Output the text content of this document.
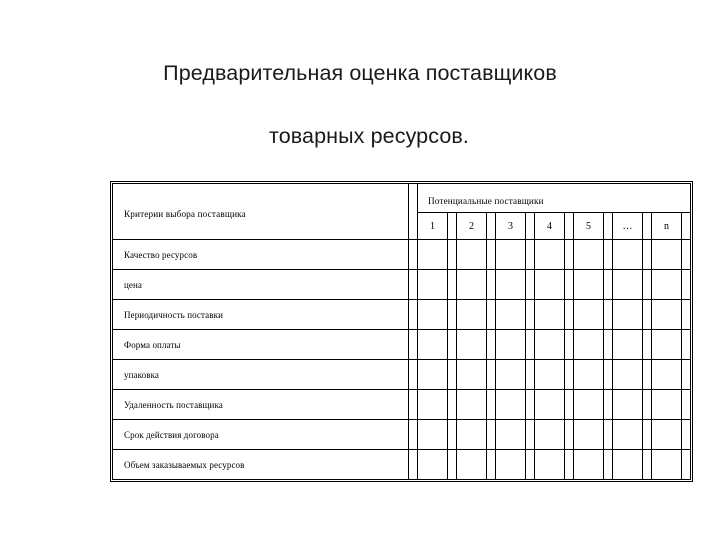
Предварительная оценка поставщиков

товарных ресурсов.

Критерии выбора поставщика		Потенциальные поставщики													
		1		2		3		4		5		…		n	
Качество ресурсов															
цена															
Периодичность поставки															
Форма оплаты															
упаковка															
Удаленность поставщика															
Срок действия договора															
Объем заказываемых ресурсов															
